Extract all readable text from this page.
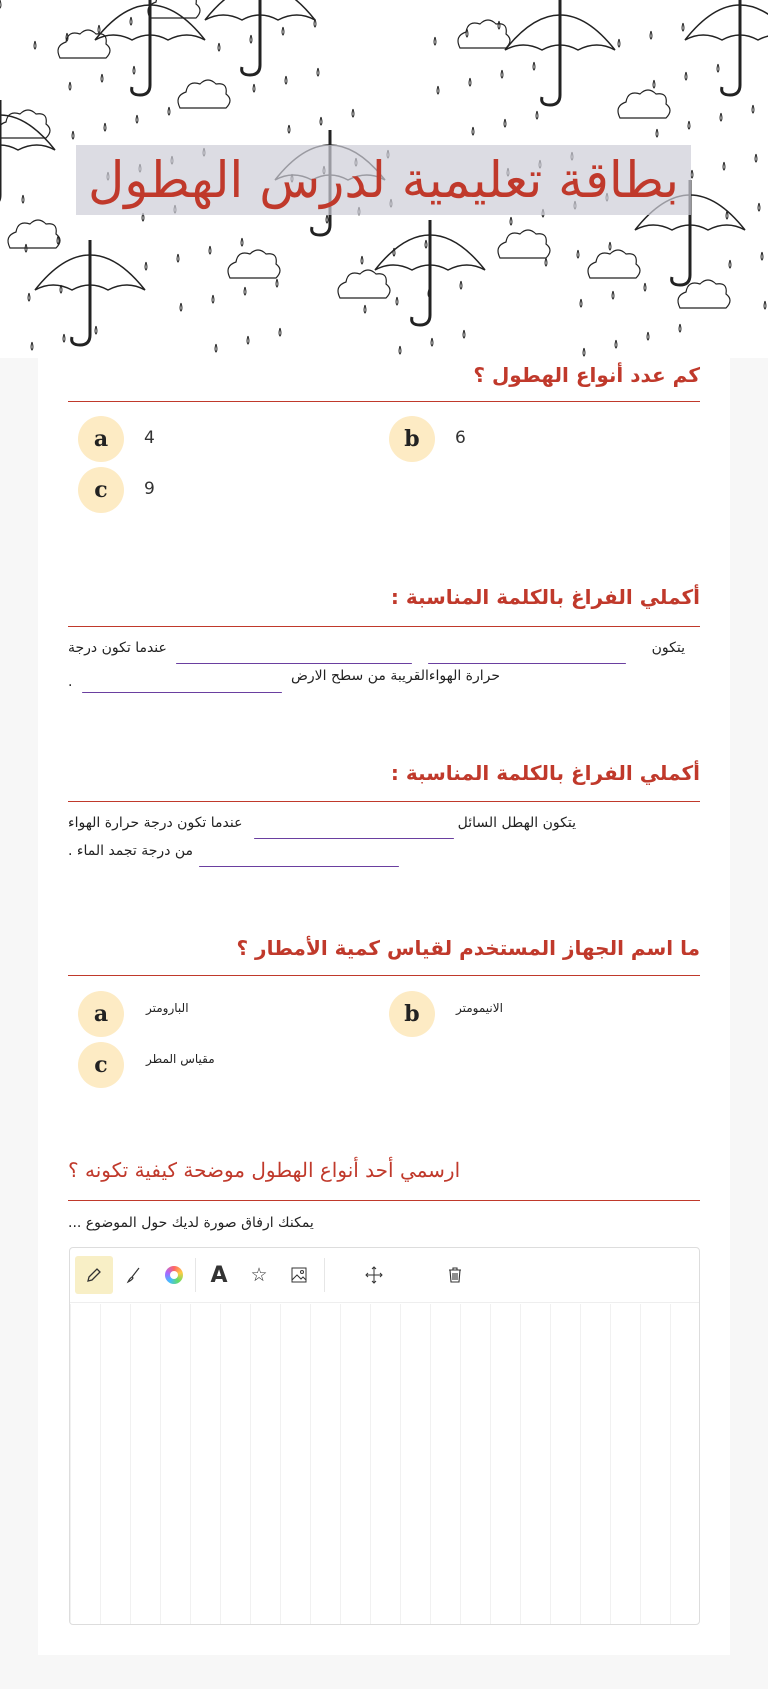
بطاقة تعليمية لدرس الهطول
كم عدد أنواع الهطول ؟
a	4	b	6
c	9
أكملي الفراغ بالكلمة المناسبة :
يتكون
عندما تكون درجة
حرارة الهواءالقريبة من سطح الارض
.
أكملي الفراغ بالكلمة المناسبة :
يتكون الهطل السائل
عندما تكون درجة حرارة الهواء
من درجة تجمد الماء .
ما اسم الجهاز المستخدم لقياس كمية الأمطار ؟
a	البارومتر	b	الانيمومتر
c	مقياس المطر
ارسمي أحد أنواع الهطول موضحة كيفية تكونه ؟
يمكنك ارفاق صورة لديك حول الموضوع ...
A	☆
